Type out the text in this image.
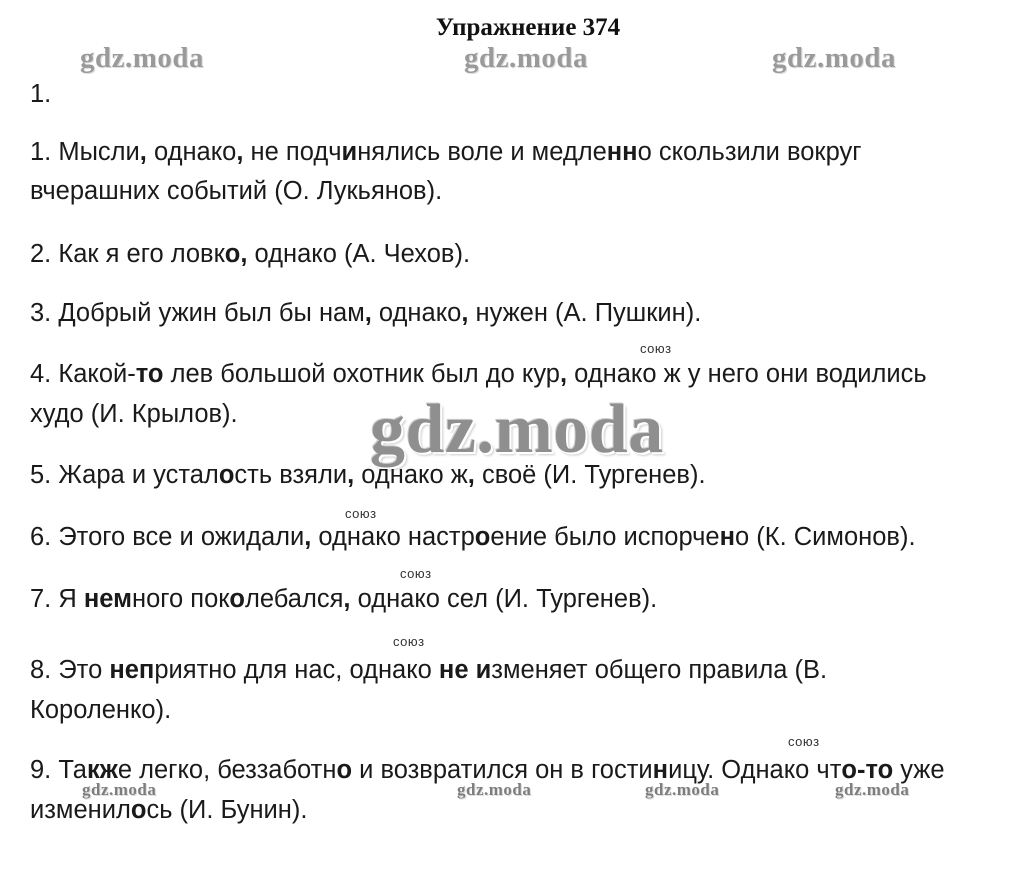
Упражнение 374
gdz.moda	gdz.moda	gdz.moda
1.
1. Мысли, однако, не подчинялись воле и медленно скользили вокруг
вчерашних событий (О. Лукьянов).
2. Как я его ловко, однако (А. Чехов).
3. Добрый ужин был бы нам, однако, нужен (А. Пушкин).
союз
4. Какой-то лев большой охотник был до кур, однако ж у него они водились
худо (И. Крылов). gdz.moda
5. Жара и усталость взяли, однако ж, своё (И. Тургенев).
союз
6. Этого все и ожидали, однако настроение было испорчено (К. Симонов).
союз
7. Я немного поколебался, однако сел (И. Тургенев).
союз
8. Это неприятно для нас, однако не изменяет общего правила (В.
Короленко).
союз
9. Также легко, беззаботно и возвратился он в гостиницу. Однако что-то уже
изменилось (И. Бунин).
gdz.moda	gdz.moda	gdz.moda	gdz.moda
